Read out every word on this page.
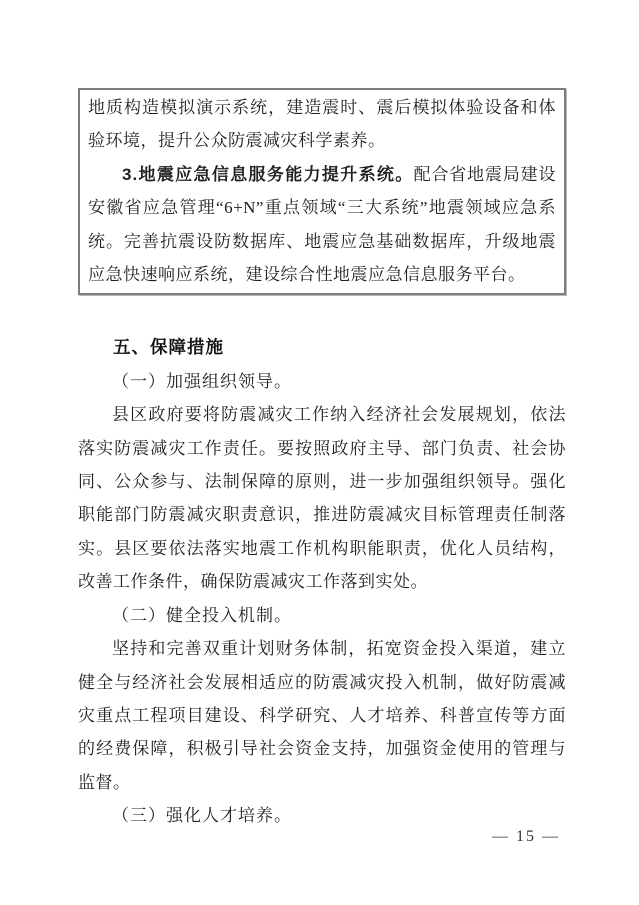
地质构造模拟演示系统，建造震时、震后模拟体验设备和体验环境，提升公众防震减灾科学素养。

3.地震应急信息服务能力提升系统。配合省地震局建设安徽省应急管理“6+N”重点领域“三大系统”地震领域应急系统。完善抗震设防数据库、地震应急基础数据库，升级地震应急快速响应系统，建设综合性地震应急信息服务平台。

五、保障措施

（一）加强组织领导。

县区政府要将防震减灾工作纳入经济社会发展规划，依法落实防震减灾工作责任。要按照政府主导、部门负责、社会协同、公众参与、法制保障的原则，进一步加强组织领导。强化职能部门防震减灾职责意识，推进防震减灾目标管理责任制落实。县区要依法落实地震工作机构职能职责，优化人员结构，改善工作条件，确保防震减灾工作落到实处。

（二）健全投入机制。

坚持和完善双重计划财务体制，拓宽资金投入渠道，建立健全与经济社会发展相适应的防震减灾投入机制，做好防震减灾重点工程项目建设、科学研究、人才培养、科普宣传等方面的经费保障，积极引导社会资金支持，加强资金使用的管理与监督。

（三）强化人才培养。

— 15 —
